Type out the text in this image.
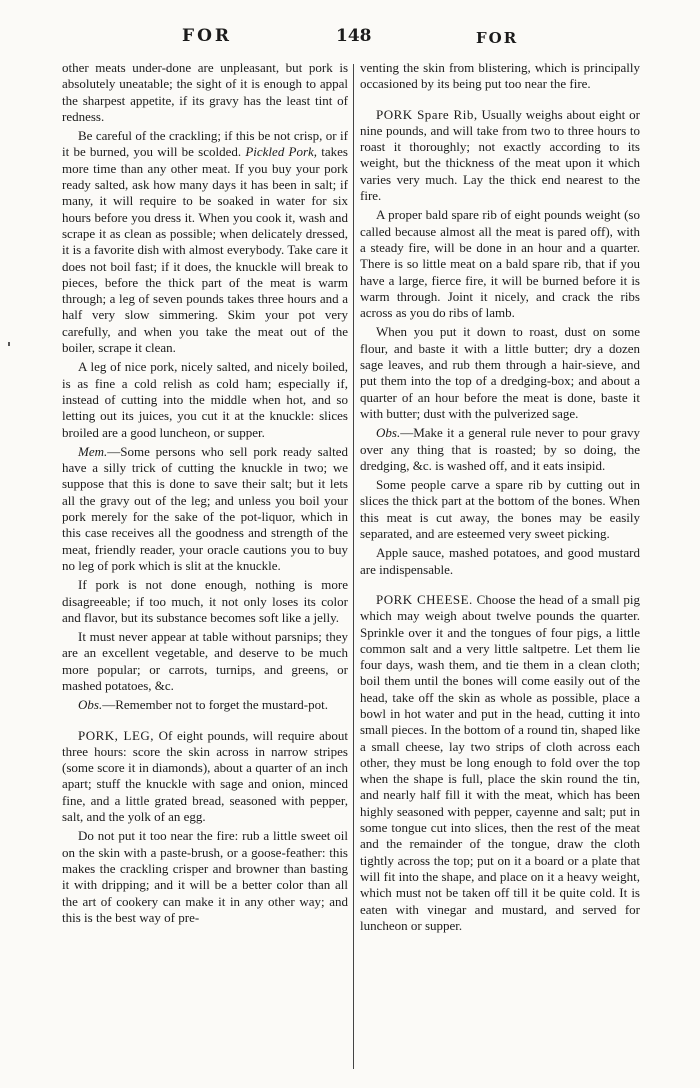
FOR	148	FOR

other meats under-done are unpleasant, but pork is absolutely uneatable; the sight of it is enough to appal the sharpest appetite, if its gravy has the least tint of redness.

Be careful of the crackling; if this be not crisp, or if it be burned, you will be scolded. Pickled Pork, takes more time than any other meat. If you buy your pork ready salted, ask how many days it has been in salt; if many, it will require to be soaked in water for six hours before you dress it. When you cook it, wash and scrape it as clean as possible; when delicately dressed, it is a favorite dish with almost everybody. Take care it does not boil fast; if it does, the knuckle will break to pieces, before the thick part of the meat is warm through; a leg of seven pounds takes three hours and a half very slow simmering. Skim your pot very carefully, and when you take the meat out of the boiler, scrape it clean.

A leg of nice pork, nicely salted, and nicely boiled, is as fine a cold relish as cold ham; especially if, instead of cutting into the middle when hot, and so letting out its juices, you cut it at the knuckle: slices broiled are a good luncheon, or supper.

Mem.—Some persons who sell pork ready salted have a silly trick of cutting the knuckle in two; we suppose that this is done to save their salt; but it lets all the gravy out of the leg; and unless you boil your pork merely for the sake of the pot-liquor, which in this case receives all the goodness and strength of the meat, friendly reader, your oracle cautions you to buy no leg of pork which is slit at the knuckle.

If pork is not done enough, nothing is more disagreeable; if too much, it not only loses its color and flavor, but its substance becomes soft like a jelly.

It must never appear at table without parsnips; they are an excellent vegetable, and deserve to be much more popular; or carrots, turnips, and greens, or mashed potatoes, &c.

Obs.—Remember not to forget the mustard-pot.

PORK, LEG, Of eight pounds, will require about three hours: score the skin across in narrow stripes (some score it in diamonds), about a quarter of an inch apart; stuff the knuckle with sage and onion, minced fine, and a little grated bread, seasoned with pepper, salt, and the yolk of an egg.

Do not put it too near the fire: rub a little sweet oil on the skin with a paste-brush, or a goose-feather: this makes the crackling crisper and browner than basting it with dripping; and it will be a better color than all the art of cookery can make it in any other way; and this is the best way of pre-

venting the skin from blistering, which is principally occasioned by its being put too near the fire.

PORK Spare Rib, Usually weighs about eight or nine pounds, and will take from two to three hours to roast it thoroughly; not exactly according to its weight, but the thickness of the meat upon it which varies very much. Lay the thick end nearest to the fire.

A proper bald spare rib of eight pounds weight (so called because almost all the meat is pared off), with a steady fire, will be done in an hour and a quarter. There is so little meat on a bald spare rib, that if you have a large, fierce fire, it will be burned before it is warm through. Joint it nicely, and crack the ribs across as you do ribs of lamb.

When you put it down to roast, dust on some flour, and baste it with a little butter; dry a dozen sage leaves, and rub them through a hair-sieve, and put them into the top of a dredging-box; and about a quarter of an hour before the meat is done, baste it with butter; dust with the pulverized sage.

Obs.—Make it a general rule never to pour gravy over any thing that is roasted; by so doing, the dredging, &c. is washed off, and it eats insipid.

Some people carve a spare rib by cutting out in slices the thick part at the bottom of the bones. When this meat is cut away, the bones may be easily separated, and are esteemed very sweet picking.

Apple sauce, mashed potatoes, and good mustard are indispensable.

PORK CHEESE. Choose the head of a small pig which may weigh about twelve pounds the quarter. Sprinkle over it and the tongues of four pigs, a little common salt and a very little saltpetre. Let them lie four days, wash them, and tie them in a clean cloth; boil them until the bones will come easily out of the head, take off the skin as whole as possible, place a bowl in hot water and put in the head, cutting it into small pieces. In the bottom of a round tin, shaped like a small cheese, lay two strips of cloth across each other, they must be long enough to fold over the top when the shape is full, place the skin round the tin, and nearly half fill it with the meat, which has been highly seasoned with pepper, cayenne and salt; put in some tongue cut into slices, then the rest of the meat and the remainder of the tongue, draw the cloth tightly across the top; put on it a board or a plate that will fit into the shape, and place on it a heavy weight, which must not be taken off till it be quite cold. It is eaten with vinegar and mustard, and served for luncheon or supper.
